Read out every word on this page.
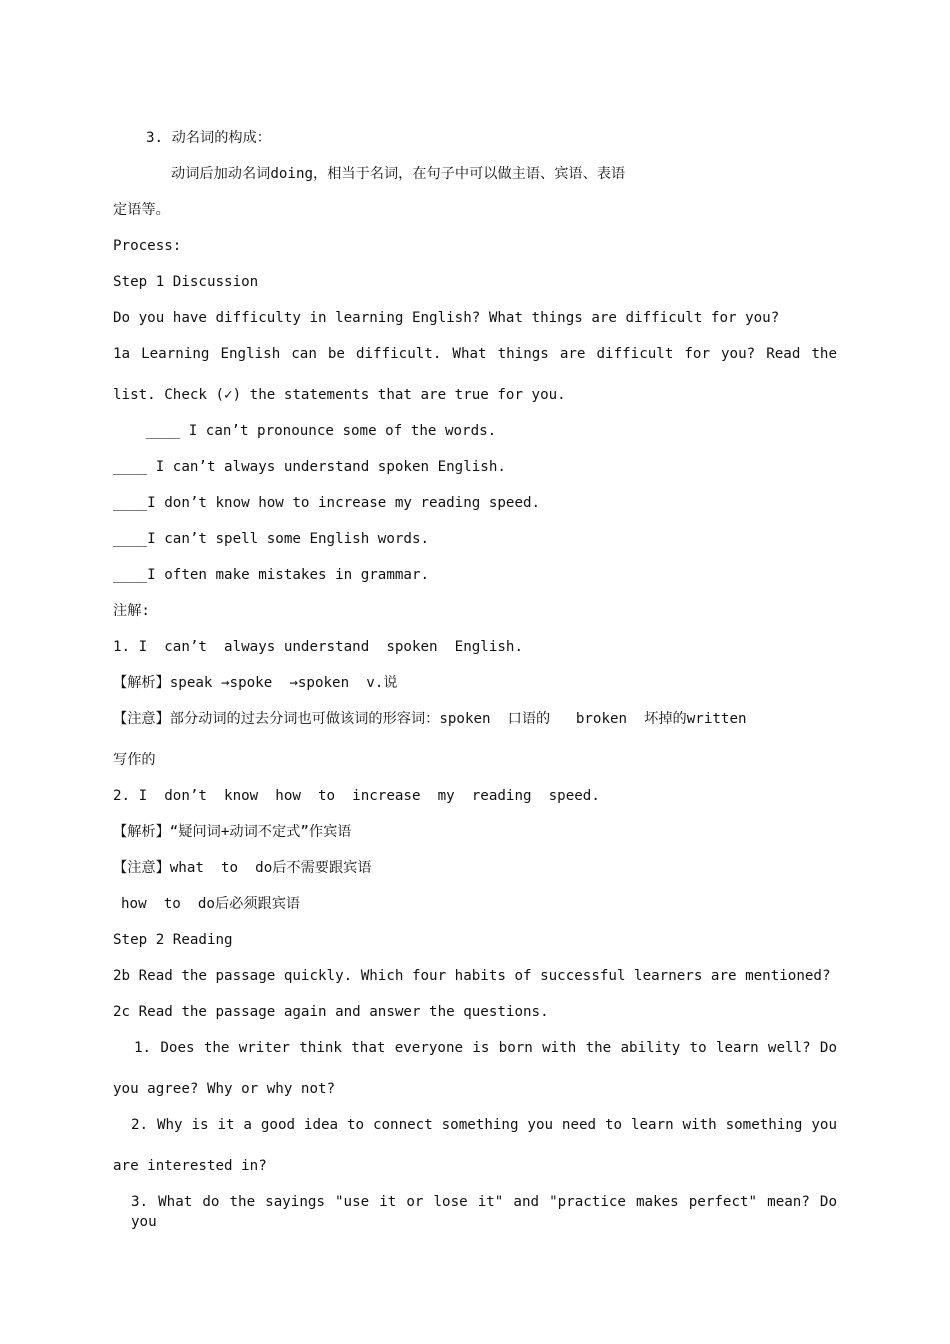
3. 动名词的构成：
动词后加动名词doing，相当于名词，在句子中可以做主语、宾语、表语
定语等。
Process:
Step 1 Discussion
Do you have difficulty in learning English? What things are difficult for you?
1a Learning English can be difficult. What things are difficult for you? Read the
list. Check (✓) the statements that are true for you.
____ I can’t pronounce some of the words.
____ I can’t always understand spoken English.
____I don’t know how to increase my reading speed.
____I can’t spell some English words.
____I often make mistakes in grammar.
注解:
1. I  can’t  always understand  spoken  English.
【解析】speak →spoke  →spoken  v.说
【注意】部分动词的过去分词也可做该词的形容词：spoken  口语的   broken  坏掉的written
写作的
2. I  don’t  know  how  to  increase  my  reading  speed.
【解析】“疑问词+动词不定式”作宾语
【注意】what  to  do后不需要跟宾语
how  to  do后必须跟宾语
Step 2 Reading
2b Read the passage quickly. Which four habits of successful learners are mentioned?
2c Read the passage again and answer the questions.
1. Does the writer think that everyone is born with the ability to learn well? Do
you agree? Why or why not?
2. Why is it a good idea to connect something you need to learn with something you
are interested in?
3. What do the sayings "use it or lose it" and "practice makes perfect" mean? Do you
